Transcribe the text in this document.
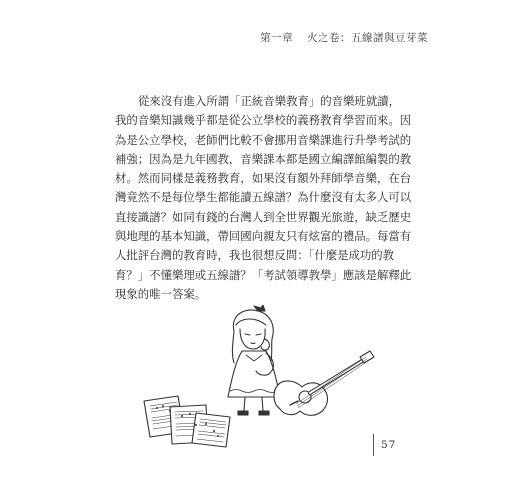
第一章 火之卷：五線譜與豆芽菜
從來沒有進入所謂「正統音樂教育」的音樂班就讀，
我的音樂知識幾乎都是從公立學校的義務教育學習而來。因
為是公立學校，老師們比較不會挪用音樂課進行升學考試的
補強；因為是九年國教，音樂課本都是國立編譯館編製的教
材。然而同樣是義務教育，如果沒有額外拜師學音樂，在台
灣竟然不是每位學生都能讀五線譜？為什麼沒有太多人可以
直接識譜？如同有錢的台灣人到全世界觀光旅遊，缺乏歷史
與地理的基本知識，帶回國向親友只有炫富的禮品。每當有
人批評台灣的教育時，我也很想反問：「什麼是成功的教
育？」不懂樂理或五線譜？「考試領導教學」應該是解釋此
現象的唯一答案。
57
